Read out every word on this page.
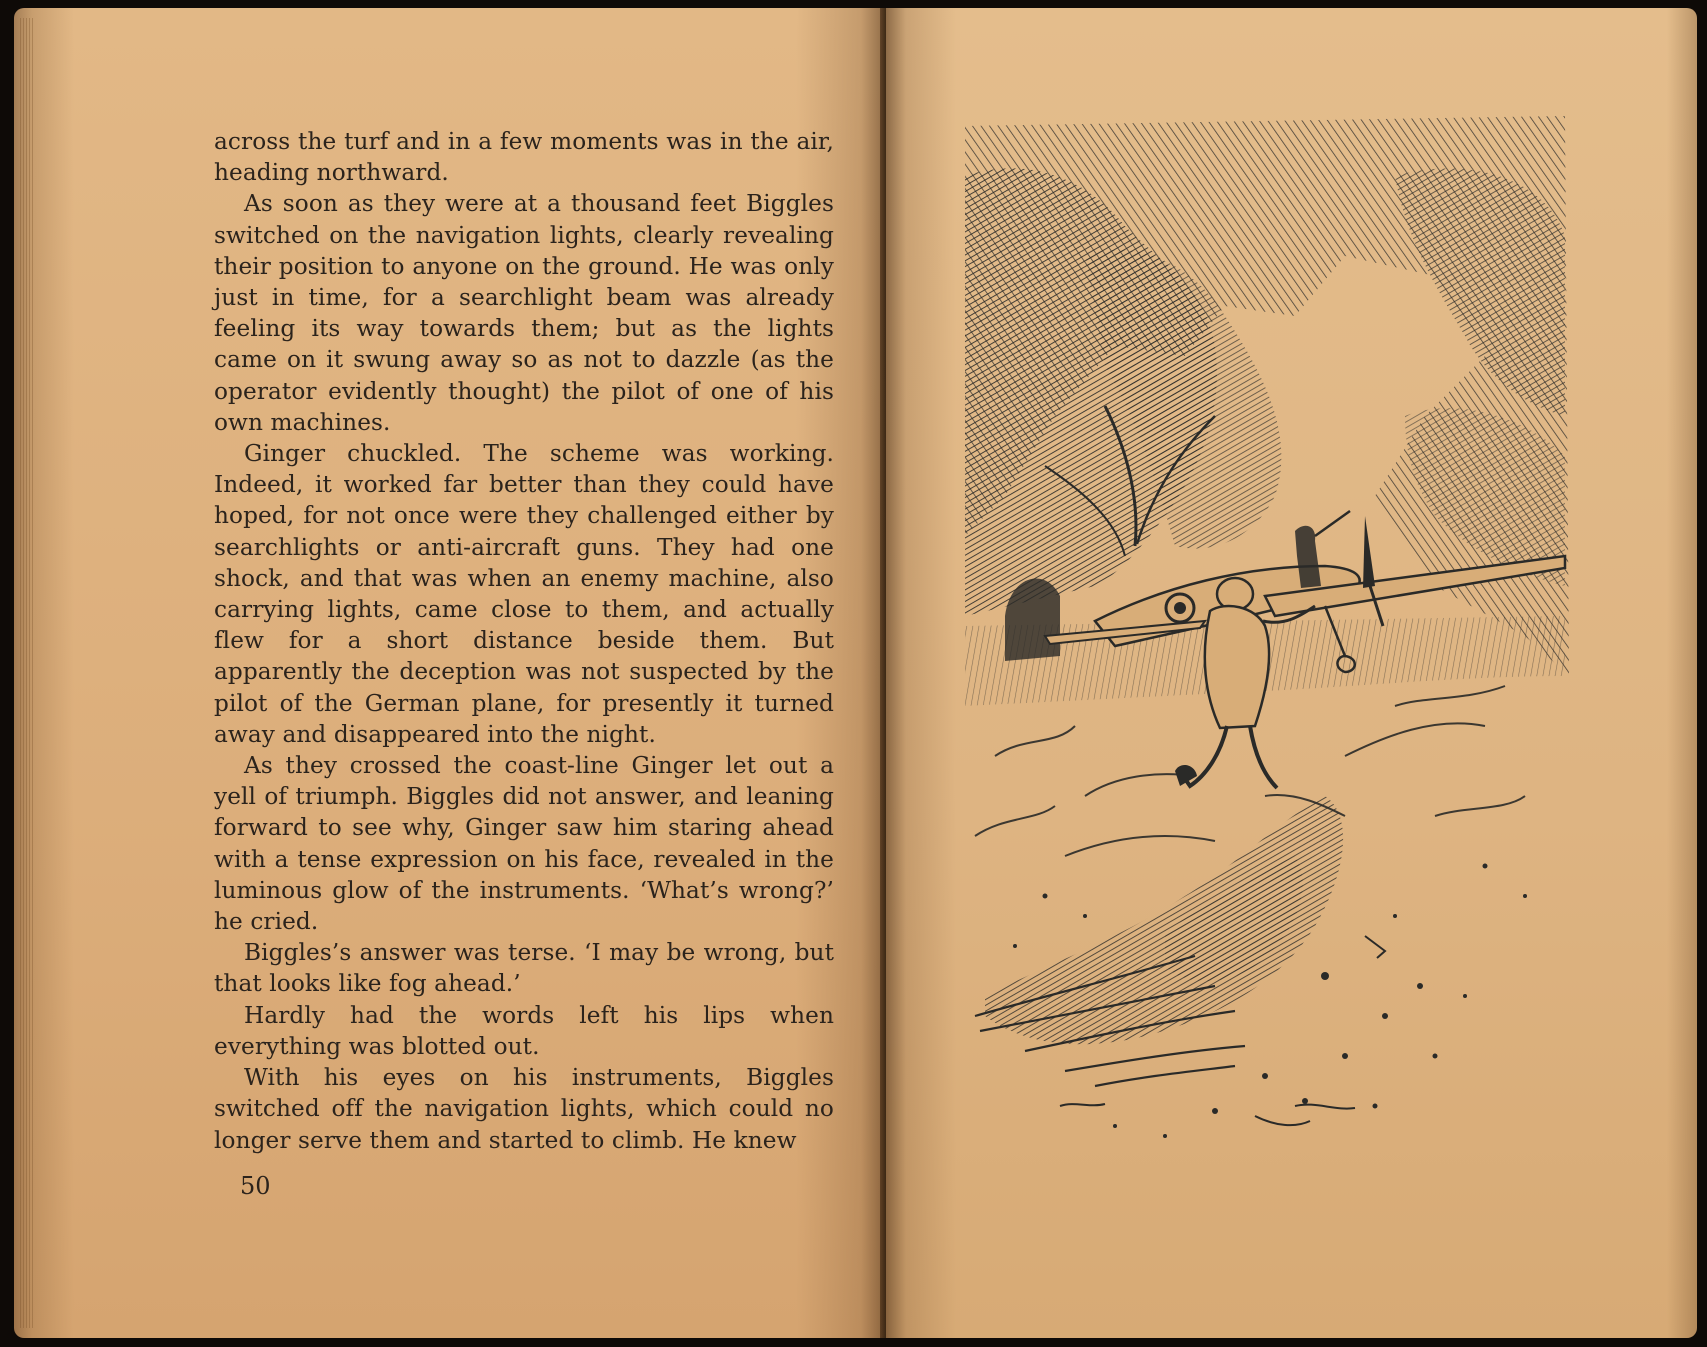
across the turf and in a few moments was in the air, heading northward.

As soon as they were at a thousand feet Biggles switched on the navigation lights, clearly revealing their position to anyone on the ground. He was only just in time, for a searchlight beam was already feeling its way towards them; but as the lights came on it swung away so as not to dazzle (as the operator evidently thought) the pilot of one of his own machines.

Ginger chuckled. The scheme was working. Indeed, it worked far better than they could have hoped, for not once were they challenged either by searchlights or anti-aircraft guns. They had one shock, and that was when an enemy machine, also carrying lights, came close to them, and actually flew for a short distance beside them. But apparently the deception was not suspected by the pilot of the German plane, for presently it turned away and disappeared into the night.

As they crossed the coast-line Ginger let out a yell of triumph. Biggles did not answer, and leaning forward to see why, Ginger saw him staring ahead with a tense expression on his face, revealed in the luminous glow of the instruments. ‘What’s wrong?’ he cried.

Biggles’s answer was terse. ‘I may be wrong, but that looks like fog ahead.’

Hardly had the words left his lips when everything was blotted out.

With his eyes on his instruments, Biggles switched off the navigation lights, which could no longer serve them and started to climb. He knew

50
